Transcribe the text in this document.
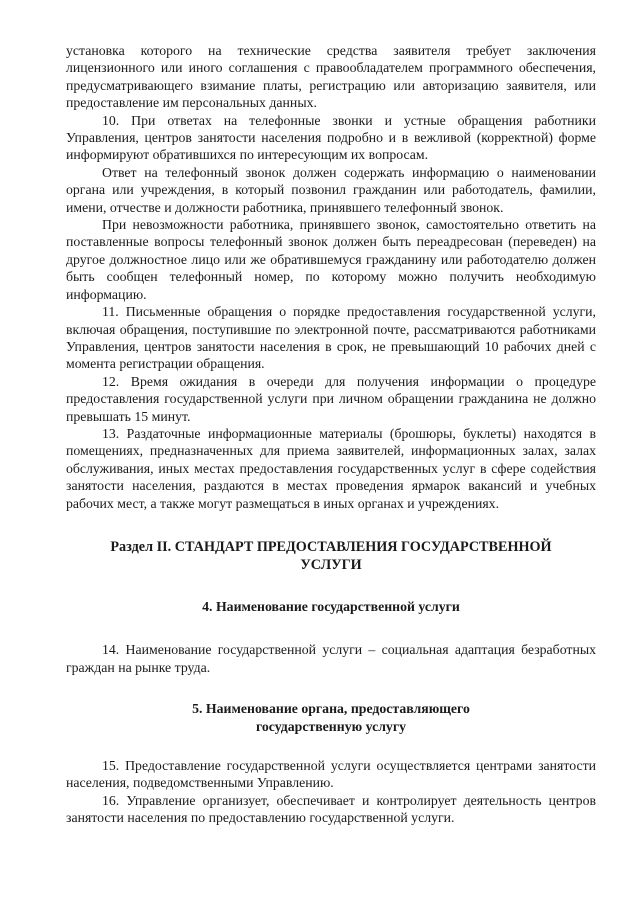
установка которого на технические средства заявителя требует заключения лицензионного или иного соглашения с правообладателем программного обеспечения, предусматривающего взимание платы, регистрацию или авторизацию заявителя, или предоставление им персональных данных.

10. При ответах на телефонные звонки и устные обращения работники Управления, центров занятости населения подробно и в вежливой (корректной) форме информируют обратившихся по интересующим их вопросам.

Ответ на телефонный звонок должен содержать информацию о наименовании органа или учреждения, в который позвонил гражданин или работодатель, фамилии, имени, отчестве и должности работника, принявшего телефонный звонок.

При невозможности работника, принявшего звонок, самостоятельно ответить на поставленные вопросы телефонный звонок должен быть переадресован (переведен) на другое должностное лицо или же обратившемуся гражданину или работодателю должен быть сообщен телефонный номер, по которому можно получить необходимую информацию.

11. Письменные обращения о порядке предоставления государственной услуги, включая обращения, поступившие по электронной почте, рассматриваются работниками Управления, центров занятости населения в срок, не превышающий 10 рабочих дней с момента регистрации обращения.

12. Время ожидания в очереди для получения информации о процедуре предоставления государственной услуги при личном обращении гражданина не должно превышать 15 минут.

13. Раздаточные информационные материалы (брошюры, буклеты) находятся в помещениях, предназначенных для приема заявителей, информационных залах, залах обслуживания, иных местах предоставления государственных услуг в сфере содействия занятости населения, раздаются в местах проведения ярмарок вакансий и учебных рабочих мест, а также могут размещаться в иных органах и учреждениях.

Раздел II. СТАНДАРТ ПРЕДОСТАВЛЕНИЯ ГОСУДАРСТВЕННОЙ
УСЛУГИ
4. Наименование государственной услуги

14. Наименование государственной услуги – социальная адаптация безработных граждан на рынке труда.

5. Наименование органа, предоставляющего
государственную услугу

15. Предоставление государственной услуги осуществляется центрами занятости населения, подведомственными Управлению.

16. Управление организует, обеспечивает и контролирует деятельность центров занятости населения по предоставлению государственной услуги.
